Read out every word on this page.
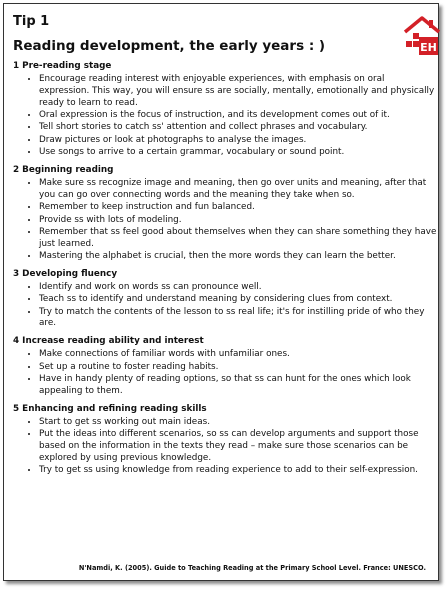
Tip 1
Reading development, the early years : )	EH
1 Pre-reading stage
• Encourage reading interest with enjoyable experiences, with emphasis on oral expression. This way, you will ensure ss are socially, mentally, emotionally and physically ready to learn to read.
• Oral expression is the focus of instruction, and its development comes out of it.
• Tell short stories to catch ss' attention and collect phrases and vocabulary.
• Draw pictures or look at photographs to analyse the images.
• Use songs to arrive to a certain grammar, vocabulary or sound point.
2 Beginning reading
• Make sure ss recognize image and meaning, then go over units and meaning, after that you can go over connecting words and the meaning they take when so.
• Remember to keep instruction and fun balanced.
• Provide ss with lots of modeling.
• Remember that ss feel good about themselves when they can share something they have just learned.
• Mastering the alphabet is crucial, then the more words they can learn the better.
3 Developing fluency
• Identify and work on words ss can pronounce well.
• Teach ss to identify and understand meaning by considering clues from context.
• Try to match the contents of the lesson to ss real life; it's for instilling pride of who they are.
4 Increase reading ability and interest
• Make connections of familiar words with unfamiliar ones.
• Set up a routine to foster reading habits.
• Have in handy plenty of reading options, so that ss can hunt for the ones which look appealing to them.
5 Enhancing and refining reading skills
• Start to get ss working out main ideas.
• Put the ideas into different scenarios, so ss can develop arguments and support those based on the information in the texts they read – make sure those scenarios can be explored by using previous knowledge.
• Try to get ss using knowledge from reading experience to add to their self-expression.
N'Namdi, K. (2005). Guide to Teaching Reading at the Primary School Level. France: UNESCO.
